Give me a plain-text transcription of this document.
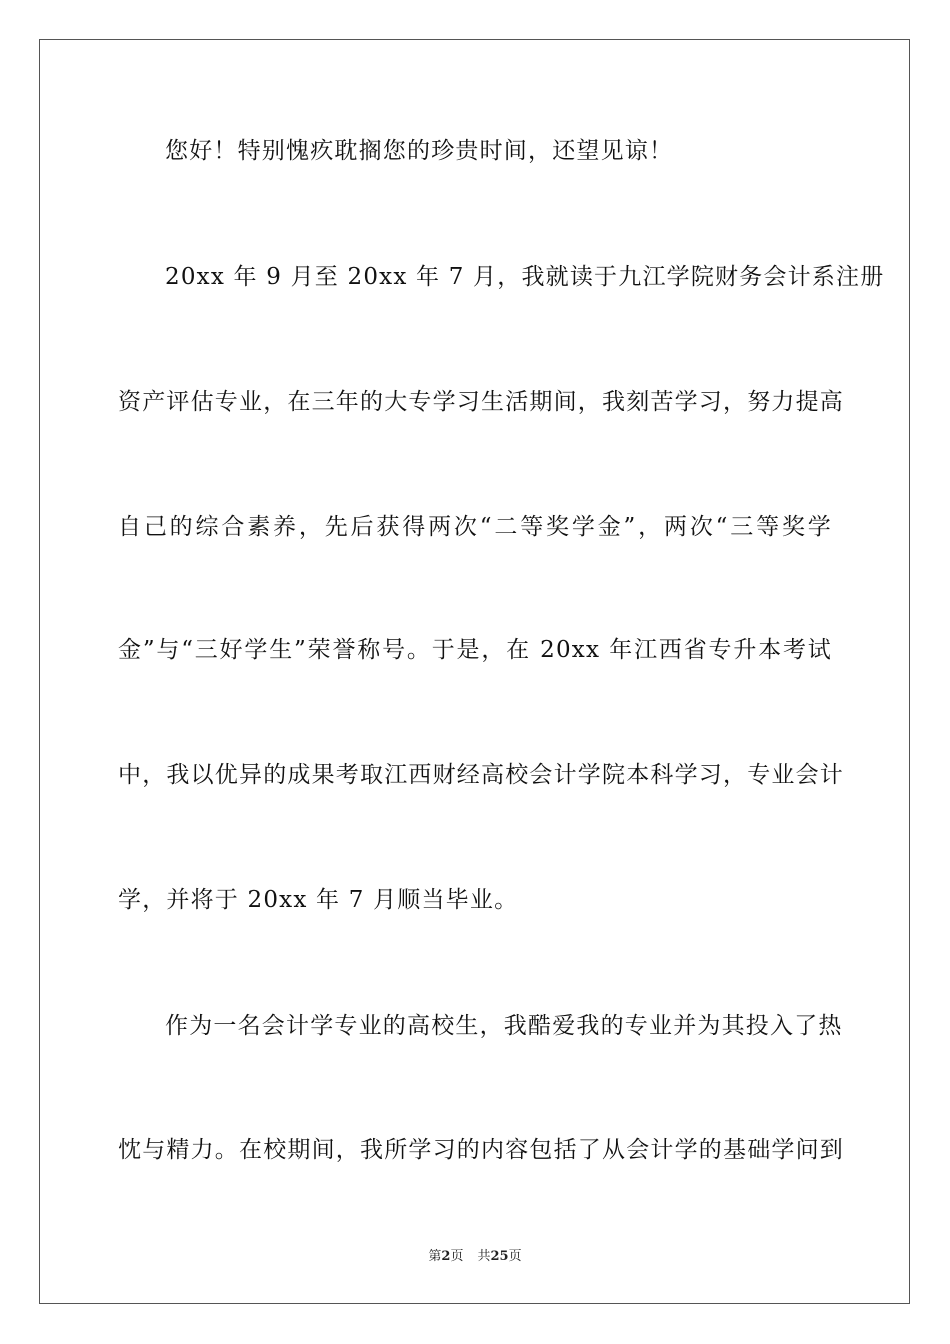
您好！特别愧疚耽搁您的珍贵时间，还望见谅！
20xx 年 9 月至 20xx 年 7 月，我就读于九江学院财务会计系注册
资产评估专业，在三年的大专学习生活期间，我刻苦学习，努力提高
自己的综合素养，先后获得两次“二等奖学金”，两次“三等奖学
金”与“三好学生”荣誉称号。于是，在 20xx 年江西省专升本考试
中，我以优异的成果考取江西财经高校会计学院本科学习，专业会计
学，并将于 20xx 年 7 月顺当毕业。
作为一名会计学专业的高校生，我酷爱我的专业并为其投入了热
忱与精力。在校期间，我所学习的内容包括了从会计学的基础学问到
第2页 共25页
